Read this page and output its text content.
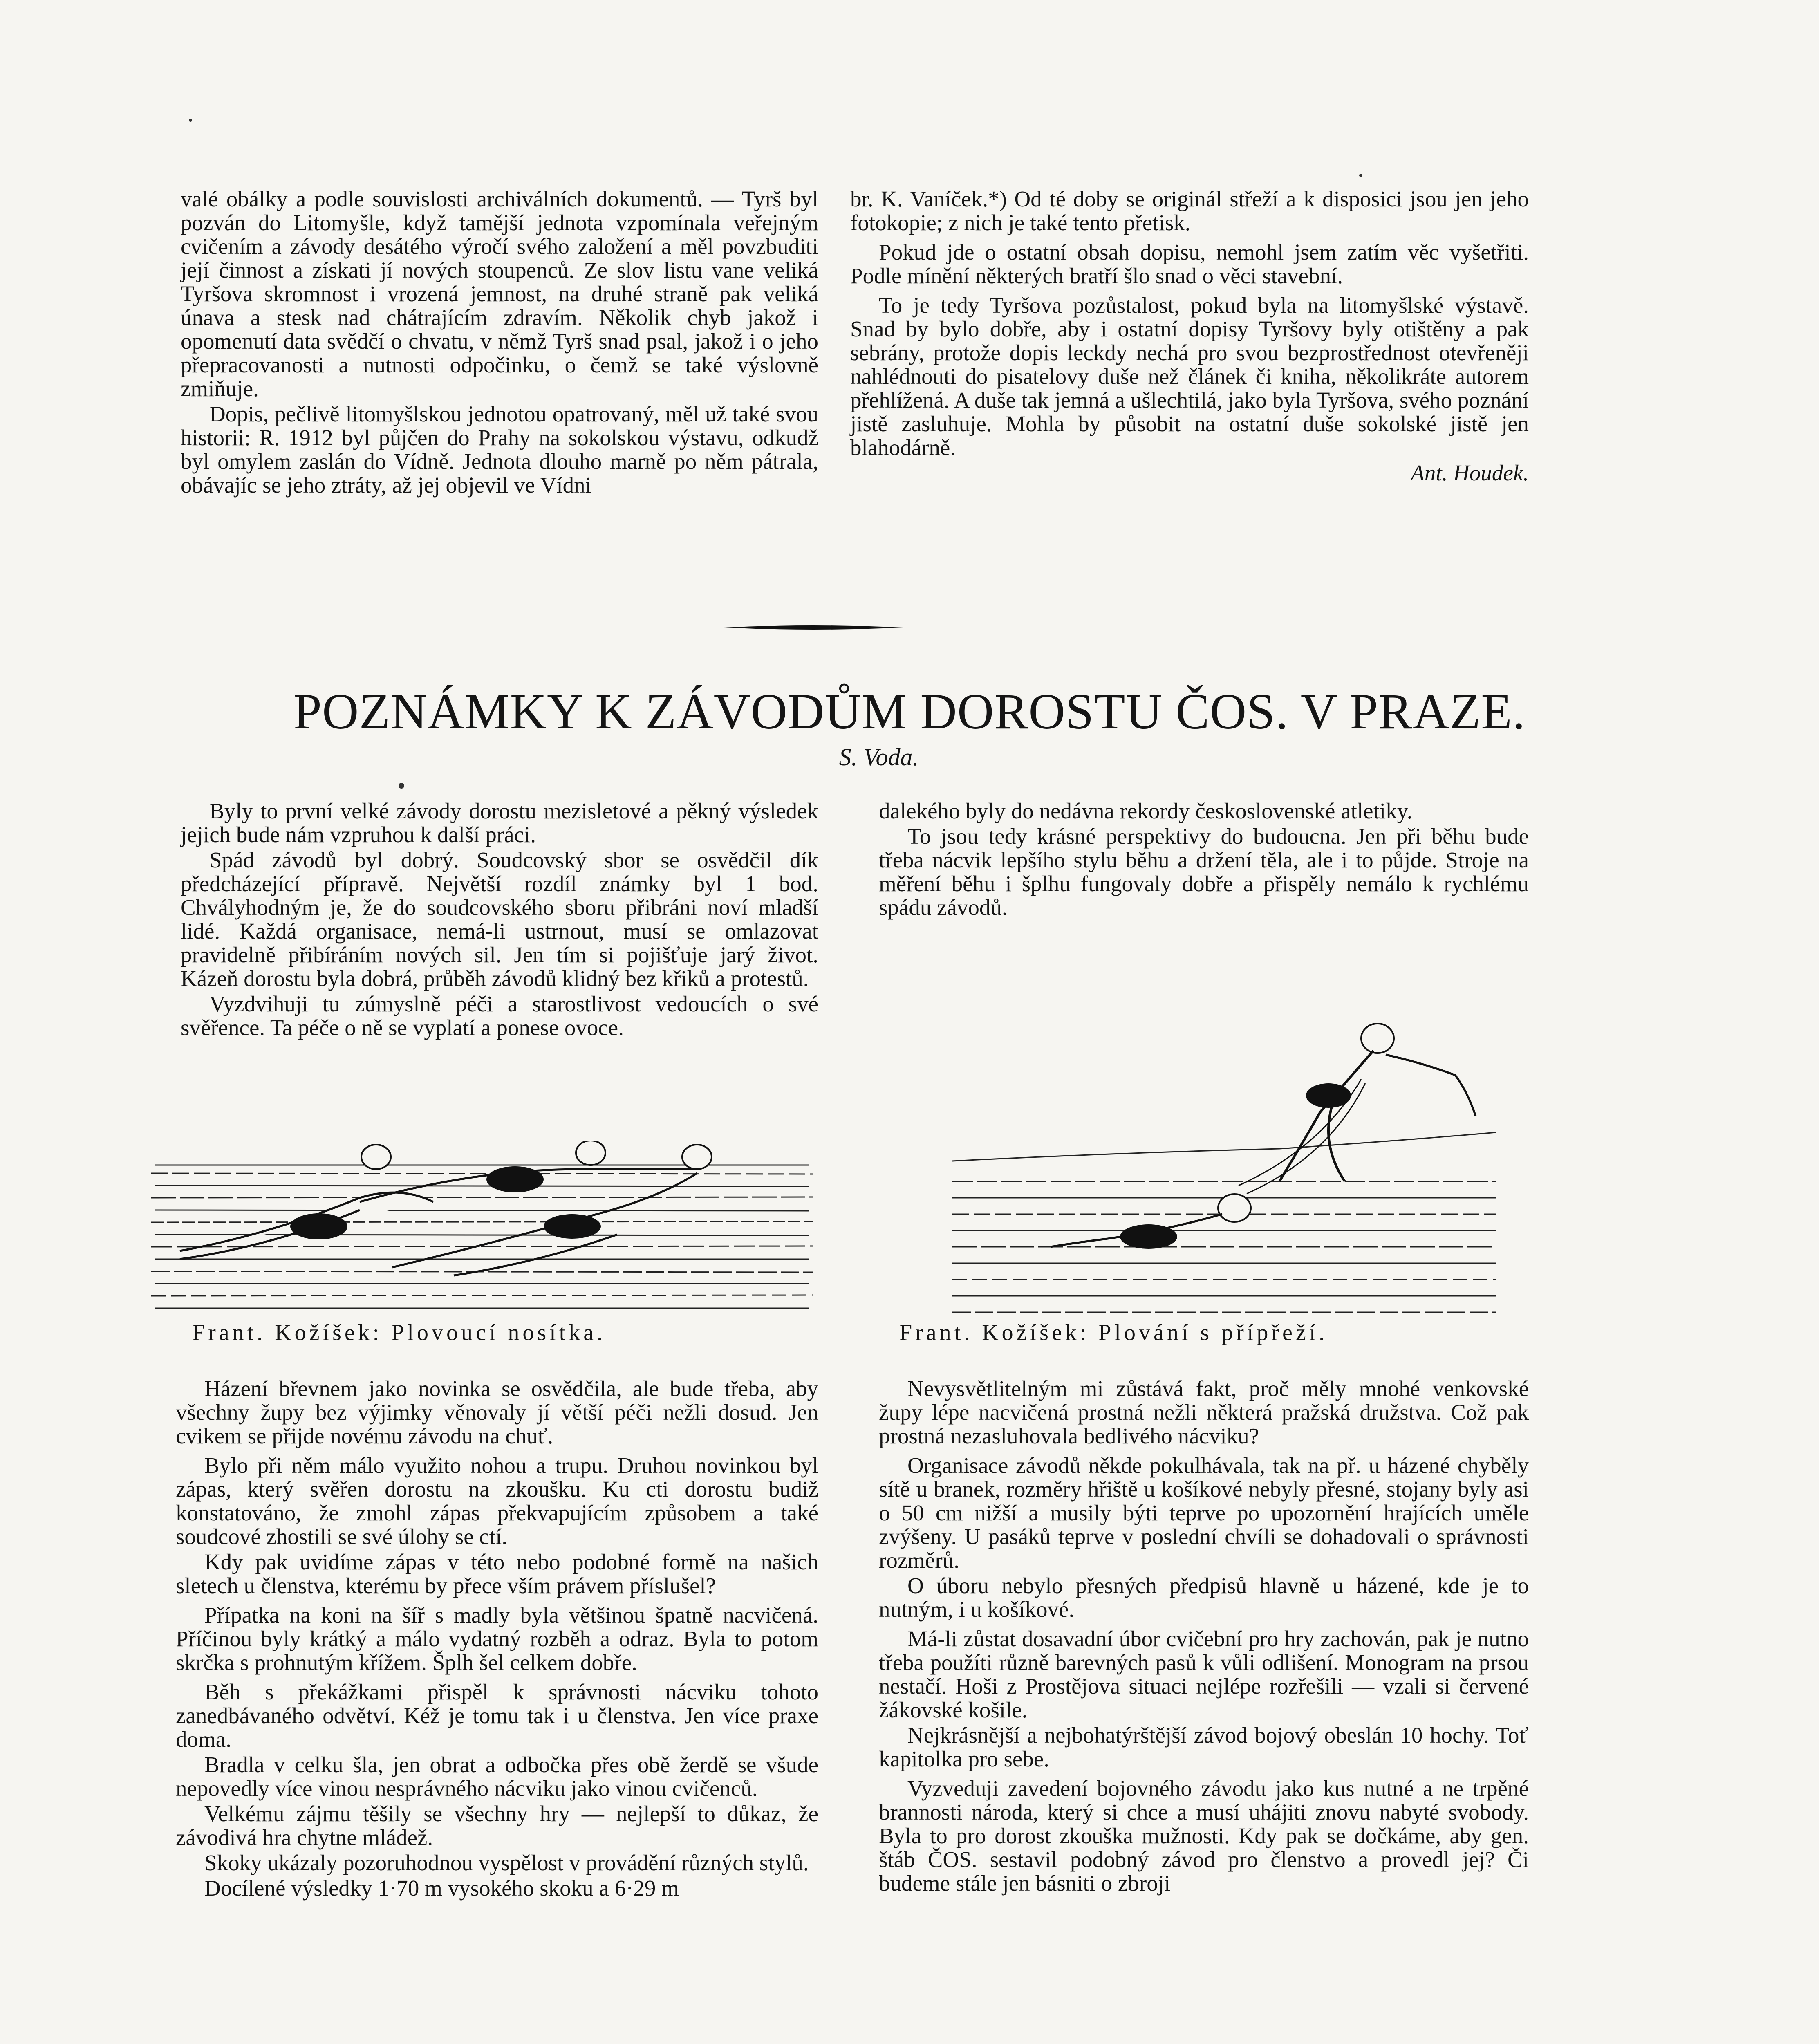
valé obálky a podle souvislosti archiválních dokumentů. — Tyrš byl pozván do Litomyšle, když tamější jednota vzpomínala veřejným cvičením a závody desátého výročí svého založení a měl povzbuditi její činnost a získati jí nových stoupenců. Ze slov listu vane veliká Tyršova skromnost i vrozená jemnost, na druhé straně pak veliká únava a stesk nad chátrajícím zdravím. Několik chyb jakož i opomenutí data svědčí o chvatu, v němž Tyrš snad psal, jakož i o jeho přepracovanosti a nutnosti odpočinku, o čemž se také výslovně zmiňuje.

Dopis, pečlivě litomyšlskou jednotou opatrovaný, měl už také svou historii: R. 1912 byl půjčen do Prahy na sokolskou výstavu, odkudž byl omylem zaslán do Vídně. Jednota dlouho marně po něm pátrala, obávajíc se jeho ztráty, až jej objevil ve Vídni

br. K. Vaníček.*) Od té doby se originál střeží a k disposici jsou jen jeho fotokopie; z nich je také tento přetisk.

Pokud jde o ostatní obsah dopisu, nemohl jsem zatím věc vyšetřiti. Podle mínění některých bratří šlo snad o věci stavební.

To je tedy Tyršova pozůstalost, pokud byla na litomyšlské výstavě. Snad by bylo dobře, aby i ostatní dopisy Tyršovy byly otištěny a pak sebrány, protože dopis leckdy nechá pro svou bezprostřednost otevřeněji nahlédnouti do pisatelovy duše než článek či kniha, několikráte autorem přehlížená. A duše tak jemná a ušlechtilá, jako byla Tyršova, svého poznání jistě zasluhuje. Mohla by působit na ostatní duše sokolské jistě jen blahodárně.

Ant. Houdek.

POZNÁMKY K ZÁVODŮM DOROSTU ČOS. V PRAZE.
S. Voda.

Byly to první velké závody dorostu mezisletové a pěkný výsledek jejich bude nám vzpruhou k další práci.

Spád závodů byl dobrý. Soudcovský sbor se osvědčil dík předcházející přípravě. Největší rozdíl známky byl 1 bod. Chvályhodným je, že do soudcovského sboru přibráni noví mladší lidé. Každá organisace, nemá-li ustrnout, musí se omlazovat pravidelně přibíráním nových sil. Jen tím si pojišťuje jarý život. Kázeň dorostu byla dobrá, průběh závodů klidný bez křiků a protestů.

Vyzdvihuji tu zúmyslně péči a starostlivost vedoucích o své svěřence. Ta péče o ně se vyplatí a ponese ovoce.

dalekého byly do nedávna rekordy československé atletiky.

To jsou tedy krásné perspektivy do budoucna. Jen při běhu bude třeba nácvik lepšího stylu běhu a držení těla, ale i to půjde. Stroje na měření běhu i šplhu fungovaly dobře a přispěly nemálo k rychlému spádu závodů.

Frant. Kožíšek: Plovoucí nosítka.	Frant. Kožíšek: Plování s přípřeží.

Házení břevnem jako novinka se osvědčila, ale bude třeba, aby všechny župy bez výjimky věnovaly jí větší péči nežli dosud. Jen cvikem se přijde novému závodu na chuť.

Bylo při něm málo využito nohou a trupu. Druhou novinkou byl zápas, který svěřen dorostu na zkoušku. Ku cti dorostu budiž konstatováno, že zmohl zápas překvapujícím způsobem a také soudcové zhostili se své úlohy se ctí.

Kdy pak uvidíme zápas v této nebo podobné formě na našich sletech u členstva, kterému by přece vším právem příslušel?

Přípatka na koni na šíř s madly byla většinou špatně nacvičená. Příčinou byly krátký a málo vydatný rozběh a odraz. Byla to potom skrčka s prohnutým křížem. Šplh šel celkem dobře.

Běh s překážkami přispěl k správnosti nácviku tohoto zanedbávaného odvětví. Kéž je tomu tak i u členstva. Jen více praxe doma.

Bradla v celku šla, jen obrat a odbočka přes obě žerdě se všude nepovedly více vinou nesprávného nácviku jako vinou cvičenců.

Velkému zájmu těšily se všechny hry — nejlepší to důkaz, že závodivá hra chytne mládež.

Skoky ukázaly pozoruhodnou vyspělost v provádění různých stylů.

Docílené výsledky 1·70 m vysokého skoku a 6·29 m

Nevysvětlitelným mi zůstává fakt, proč měly mnohé venkovské župy lépe nacvičená prostná nežli některá pražská družstva. Což pak prostná nezasluhovala bedlivého nácviku?

Organisace závodů někde pokulhávala, tak na př. u házené chyběly sítě u branek, rozměry hřiště u košíkové nebyly přesné, stojany byly asi o 50 cm nižší a musily býti teprve po upozornění hrajících uměle zvýšeny. U pasáků teprve v poslední chvíli se dohadovali o správnosti rozměrů.

O úboru nebylo přesných předpisů hlavně u házené, kde je to nutným, i u košíkové.

Má-li zůstat dosavadní úbor cvičební pro hry zachován, pak je nutno třeba použíti různě barevných pasů k vůli odlišení. Monogram na prsou nestačí. Hoši z Prostějova situaci nejlépe rozřešili — vzali si červené žákovské košile.

Nejkrásnější a nejbohatýrštější závod bojový obeslán 10 hochy. Toť kapitolka pro sebe.

Vyzveduji zavedení bojovného závodu jako kus nutné a ne trpěné brannosti národa, který si chce a musí uhájiti znovu nabyté svobody. Byla to pro dorost zkouška mužnosti. Kdy pak se dočkáme, aby gen. štáb ČOS. sestavil podobný závod pro členstvo a provedl jej? Či budeme stále jen básniti o zbroji
